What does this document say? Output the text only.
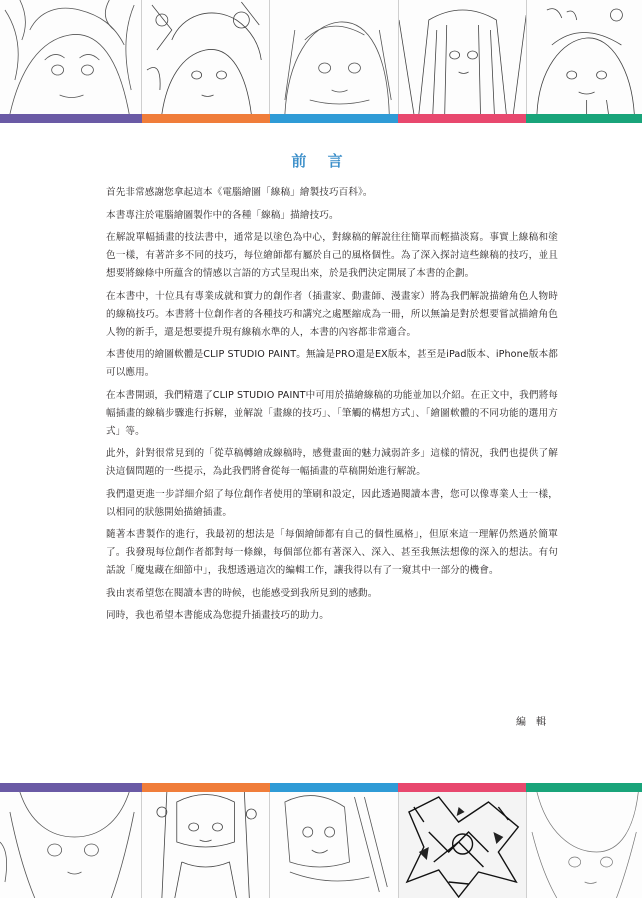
前 言

首先非常感謝您拿起這本《電腦繪圖「線稿」繪製技巧百科》。

本書專注於電腦繪圖製作中的各種「線稿」描繪技巧。

在解說單幅插畫的技法書中，通常是以塗色為中心，對線稿的解說往往簡單而輕描淡寫。事實上線稿和塗色一樣，有著許多不同的技巧，每位繪師都有屬於自己的風格個性。為了深入探討這些線稿的技巧，並且想要將線條中所蘊含的情感以言語的方式呈現出來，於是我們決定開展了本書的企劃。

在本書中，十位具有專業成就和實力的創作者（插畫家、動畫師、漫畫家）將為我們解說描繪角色人物時的線稿技巧。本書將十位創作者的各種技巧和講究之處壓縮成為一冊，所以無論是對於想要嘗試描繪角色人物的新手，還是想要提升現有線稿水準的人，本書的內容都非常適合。

本書使用的繪圖軟體是CLIP STUDIO PAINT。無論是PRO還是EX版本，甚至是iPad版本、iPhone版本都可以應用。

在本書開頭，我們精選了CLIP STUDIO PAINT中可用於描繪線稿的功能並加以介紹。在正文中，我們將每幅插畫的線稿步驟進行拆解，並解說「畫線的技巧」、「筆觸的構想方式」、「繪圖軟體的不同功能的選用方式」等。

此外，針對很常見到的「從草稿轉繪成線稿時，感覺畫面的魅力減弱許多」這樣的情況，我們也提供了解決這個問題的一些提示，為此我們將會從每一幅插畫的草稿開始進行解說。

我們還更進一步詳細介紹了每位創作者使用的筆刷和設定，因此透過閱讀本書，您可以像專業人士一樣，以相同的狀態開始描繪插畫。

隨著本書製作的進行，我最初的想法是「每個繪師都有自己的個性風格」，但原來這一理解仍然過於簡單了。我發現每位創作者都對每一條線，每個部位都有著深入、深入、甚至我無法想像的深入的想法。有句話說「魔鬼藏在細節中」，我想透過這次的編輯工作，讓我得以有了一窺其中一部分的機會。

我由衷希望您在閱讀本書的時候，也能感受到我所見到的感動。

同時，我也希望本書能成為您提升插畫技巧的助力。

編輯
